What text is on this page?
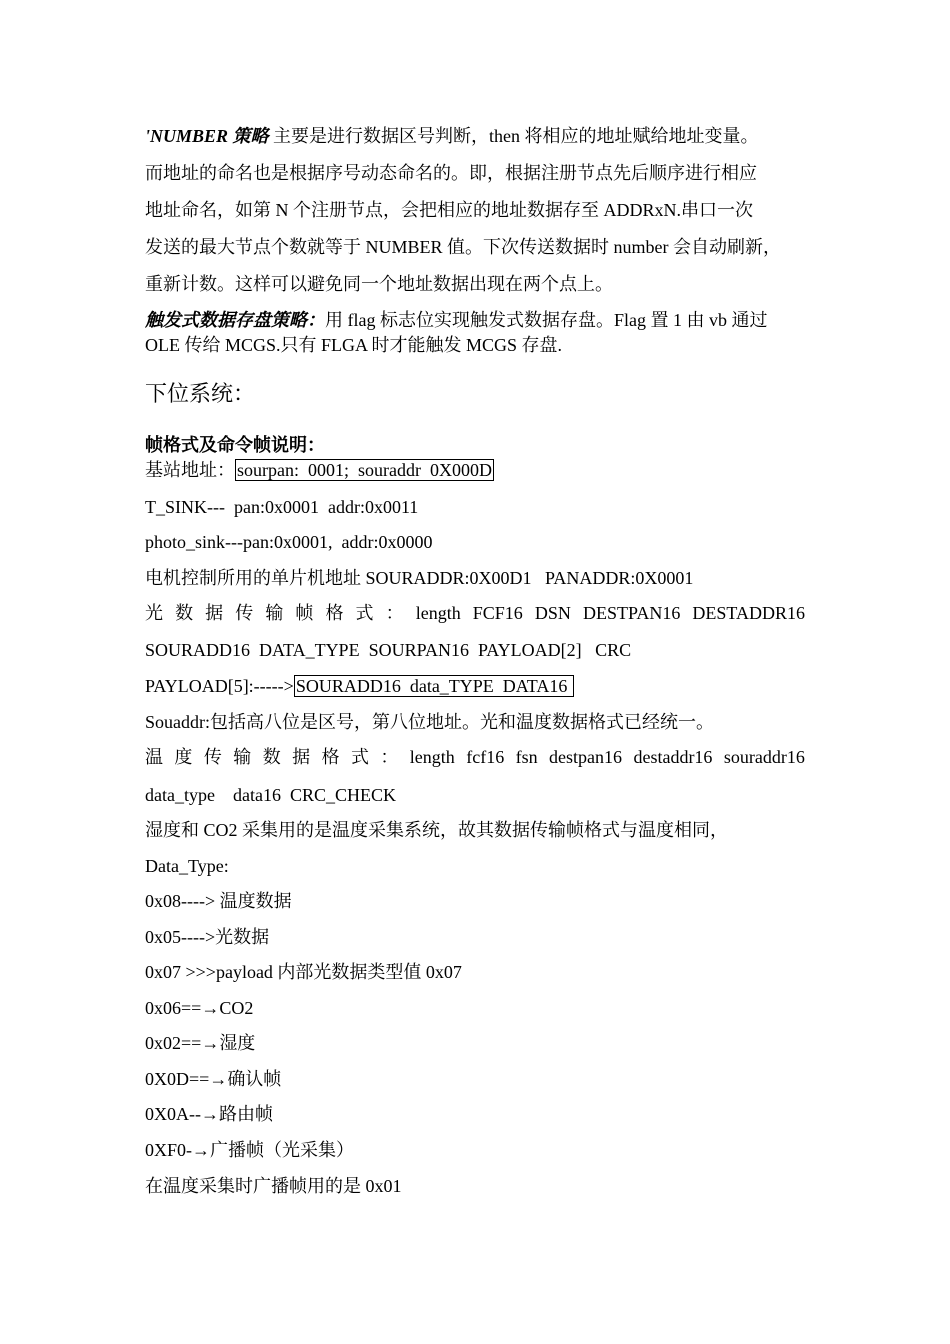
'NUMBER 策略 主要是进行数据区号判断，then 将相应的地址赋给地址变量。
而地址的命名也是根据序号动态命名的。即，根据注册节点先后顺序进行相应
地址命名，如第 N 个注册节点，会把相应的地址数据存至 ADDRxN.串口一次
发送的最大节点个数就等于 NUMBER 值。下次传送数据时 number 会自动刷新，
重新计数。这样可以避免同一个地址数据出现在两个点上。
触发式数据存盘策略：用 flag 标志位实现触发式数据存盘。Flag 置 1 由 vb 通过
OLE 传给 MCGS.只有 FLGA 时才能触发 MCGS 存盘.
下位系统：
帧格式及命令帧说明：
基站地址： sourpan:  0001;  souraddr  0X000D
T_SINK---  pan:0x0001  addr:0x0011
photo_sink---pan:0x0001,  addr:0x0000
电机控制所用的单片机地址 SOURADDR:0X00D1   PANADDR:0X0001
光 数 据 传 输 帧 格 式 ： length FCF16 DSN DESTPAN16 DESTADDR16
SOURADD16  DATA_TYPE  SOURPAN16  PAYLOAD[2]   CRC
PAYLOAD[5]:-----> SOURADD16  data_TYPE  DATA16
Souaddr:包括高八位是区号，第八位地址。光和温度数据格式已经统一。
温 度 传 输 数 据 格 式 ： length fcf16 fsn destpan16 destaddr16 souraddr16
data_type    data16  CRC_CHECK
湿度和 CO2 采集用的是温度采集系统，故其数据传输帧格式与温度相同，
Data_Type:
0x08----> 温度数据
0x05---->光数据
0x07 >>>payload 内部光数据类型值 0x07
0x06==→CO2
0x02==→湿度
0X0D==→确认帧
0X0A--→路由帧
0XF0-→广播帧（光采集）
在温度采集时广播帧用的是 0x01
